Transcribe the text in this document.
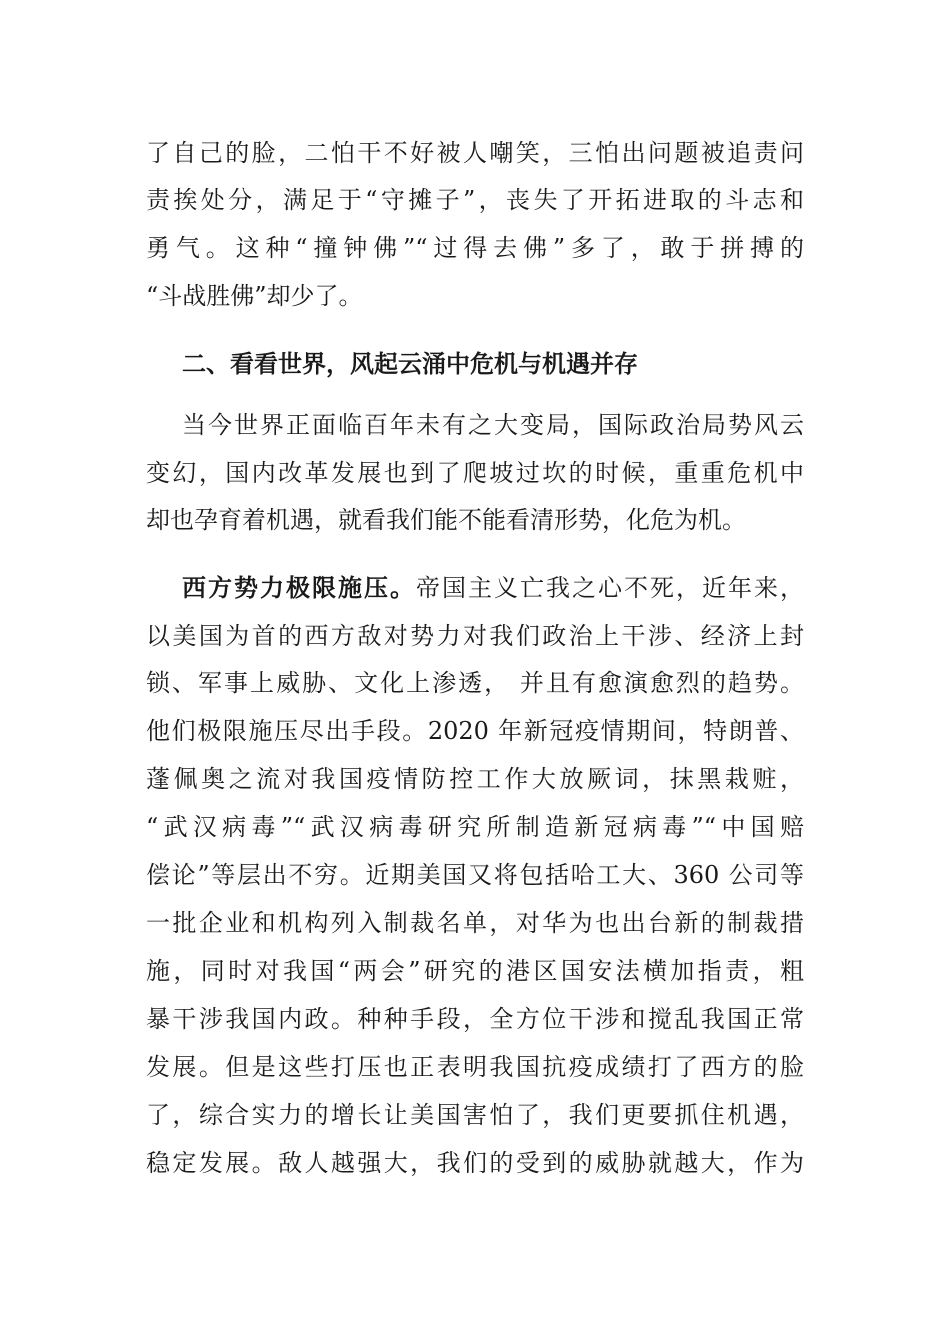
了自己的脸，二怕干不好被人嘲笑，三怕出问题被追责问
责挨处分，满足于“守摊子”，丧失了开拓进取的斗志和
勇气。这种“撞钟佛”“过得去佛”多了，敢于拼搏的
“斗战胜佛”却少了。
二、看看世界，风起云涌中危机与机遇并存
当今世界正面临百年未有之大变局，国际政治局势风云
变幻，国内改革发展也到了爬坡过坎的时候，重重危机中
却也孕育着机遇，就看我们能不能看清形势，化危为机。
西方势力极限施压。帝国主义亡我之心不死，近年来，
以美国为首的西方敌对势力对我们政治上干涉、经济上封
锁、军事上威胁、文化上渗透， 并且有愈演愈烈的趋势。
他们极限施压尽出手段。2020 年新冠疫情期间，特朗普、
蓬佩奥之流对我国疫情防控工作大放厥词，抹黑栽赃，
“武汉病毒”“武汉病毒研究所制造新冠病毒”“中国赔
偿论”等层出不穷。近期美国又将包括哈工大、360 公司等
一批企业和机构列入制裁名单，对华为也出台新的制裁措
施，同时对我国“两会”研究的港区国安法横加指责，粗
暴干涉我国内政。种种手段，全方位干涉和搅乱我国正常
发展。但是这些打压也正表明我国抗疫成绩打了西方的脸
了，综合实力的增长让美国害怕了，我们更要抓住机遇，
稳定发展。敌人越强大，我们的受到的威胁就越大，作为
